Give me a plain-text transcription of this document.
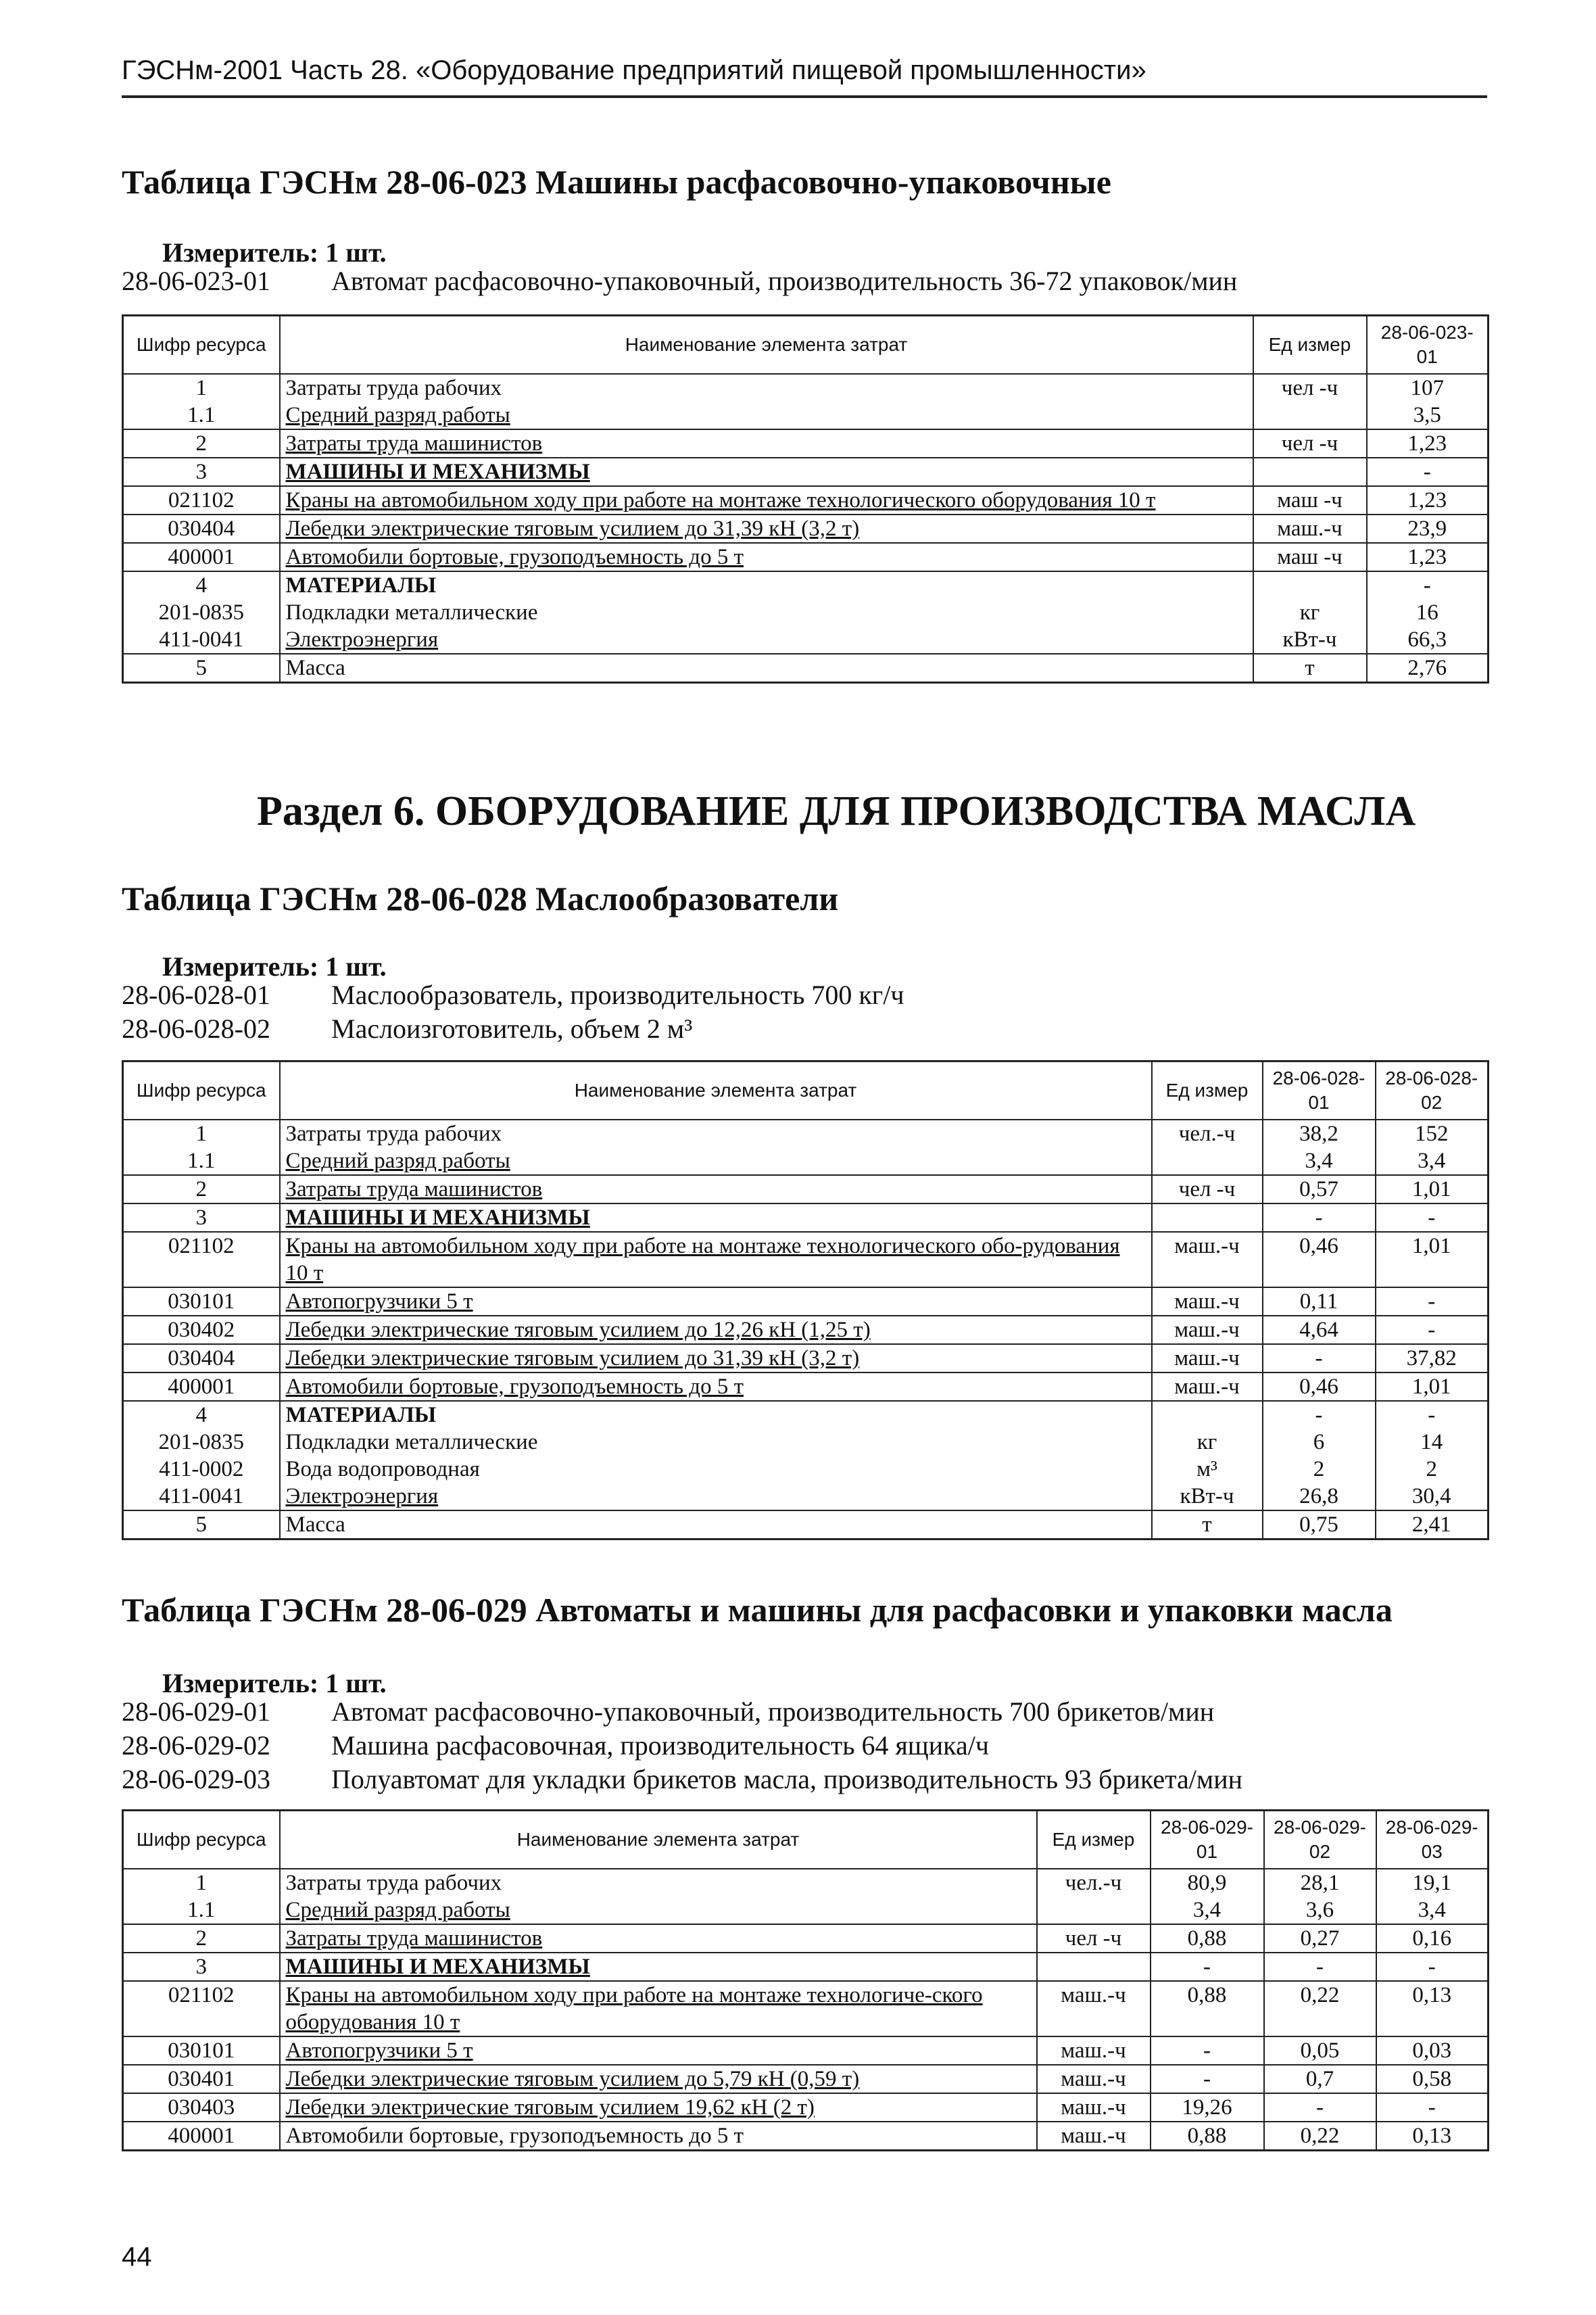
ГЭСНм-2001 Часть 28. «Оборудование предприятий пищевой промышленности»
Таблица ГЭСНм 28-06-023 Машины расфасовочно-упаковочные
Измеритель: 1 шт.
28-06-023-01	Автомат расфасовочно-упаковочный, производительность 36-72 упаковок/мин
Шифр ресурса	Наименование элемента затрат	Ед измер	28-06-023-01
1	Затраты труда рабочих	чел -ч	107
1.1	Средний разряд работы		3,5
2	Затраты труда машинистов	чел -ч	1,23
3	МАШИНЫ И МЕХАНИЗМЫ		-
021102	Краны на автомобильном ходу при работе на монтаже технологического оборудования 10 т	маш -ч	1,23
030404	Лебедки электрические тяговым усилием до 31,39 кН (3,2 т)	маш.-ч	23,9
400001	Автомобили бортовые, грузоподъемность до 5 т	маш -ч	1,23
4	МАТЕРИАЛЫ		-
201-0835	Подкладки металлические	кг	16
411-0041	Электроэнергия	кВт-ч	66,3
5	Масса	т	2,76
Раздел 6. ОБОРУДОВАНИЕ ДЛЯ ПРОИЗВОДСТВА МАСЛА
Таблица ГЭСНм 28-06-028 Маслообразователи
Измеритель: 1 шт.
28-06-028-01	Маслообразователь, производительность 700 кг/ч
28-06-028-02	Маслоизготовитель, объем 2 м³
Шифр ресурса	Наименование элемента затрат	Ед измер	28-06-028-01	28-06-028-02
1	Затраты труда рабочих	чел.-ч	38,2	152
1.1	Средний разряд работы		3,4	3,4
2	Затраты труда машинистов	чел -ч	0,57	1,01
3	МАШИНЫ И МЕХАНИЗМЫ		-	-
021102	Краны на автомобильном ходу при работе на монтаже технологического обо-рудования 10 т	маш.-ч	0,46	1,01
030101	Автопогрузчики 5 т	маш.-ч	0,11	-
030402	Лебедки электрические тяговым усилием до 12,26 кН (1,25 т)	маш.-ч	4,64	-
030404	Лебедки электрические тяговым усилием до 31,39 кН (3,2 т)	маш.-ч	-	37,82
400001	Автомобили бортовые, грузоподъемность до 5 т	маш.-ч	0,46	1,01
4	МАТЕРИАЛЫ		-	-
201-0835	Подкладки металлические	кг	6	14
411-0002	Вода водопроводная	м³	2	2
411-0041	Электроэнергия	кВт-ч	26,8	30,4
5	Масса	т	0,75	2,41
Таблица ГЭСНм 28-06-029 Автоматы и машины для расфасовки и упаковки масла
Измеритель: 1 шт.
28-06-029-01	Автомат расфасовочно-упаковочный, производительность 700 брикетов/мин
28-06-029-02	Машина расфасовочная, производительность 64 ящика/ч
28-06-029-03	Полуавтомат для укладки брикетов масла, производительность 93 брикета/мин
Шифр ресурса	Наименование элемента затрат	Ед измер	28-06-029-01	28-06-029-02	28-06-029-03
1	Затраты труда рабочих	чел.-ч	80,9	28,1	19,1
1.1	Средний разряд работы		3,4	3,6	3,4
2	Затраты труда машинистов	чел -ч	0,88	0,27	0,16
3	МАШИНЫ И МЕХАНИЗМЫ		-	-	-
021102	Краны на автомобильном ходу при работе на монтаже технологиче-ского оборудования 10 т	маш.-ч	0,88	0,22	0,13
030101	Автопогрузчики 5 т	маш.-ч	-	0,05	0,03
030401	Лебедки электрические тяговым усилием до 5,79 кН (0,59 т)	маш.-ч	-	0,7	0,58
030403	Лебедки электрические тяговым усилием 19,62 кН (2 т)	маш.-ч	19,26	-	-
400001	Автомобили бортовые, грузоподъемность до 5 т	маш.-ч	0,88	0,22	0,13
44
